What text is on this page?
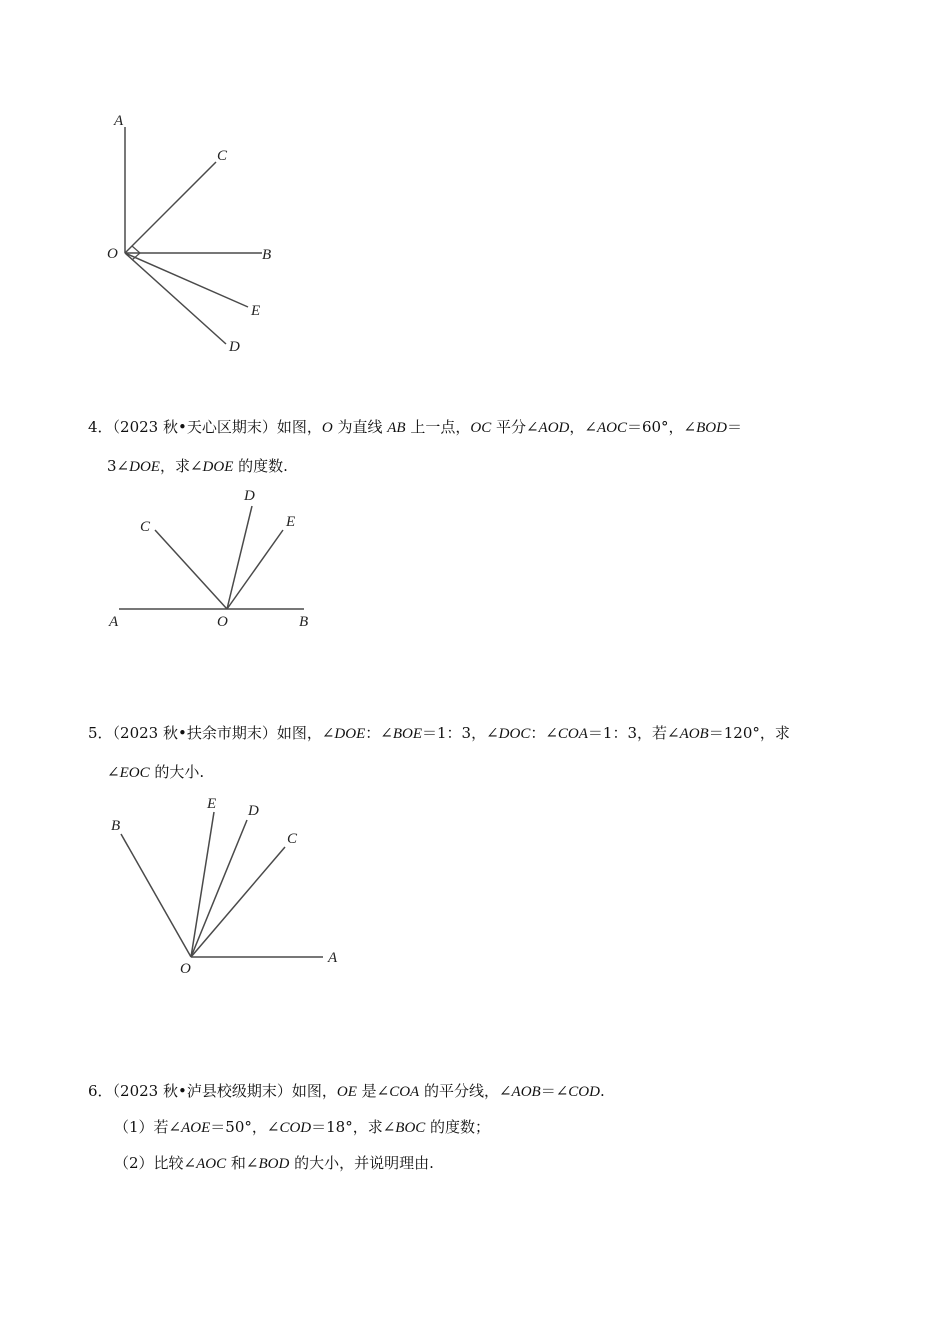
A
C
O	B
E
D
4．（2023 秋•天心区期末）如图，O 为直线 AB 上一点，OC 平分∠AOD，∠AOC＝60°，∠BOD＝
3∠DOE，求∠DOE 的度数.
C
D
E
A	O	B
5．（2023 秋•扶余市期末）如图，∠DOE：∠BOE＝1：3，∠DOC：∠COA＝1：3，若∠AOB＝120°，求
∠EOC 的大小.
B
E D
C
O
A
6．（2023 秋•泸县校级期末）如图，OE 是∠COA 的平分线，∠AOB＝∠COD.
（1）若∠AOE＝50°，∠COD＝18°，求∠BOC 的度数；
（2）比较∠AOC 和∠BOD 的大小，并说明理由.
